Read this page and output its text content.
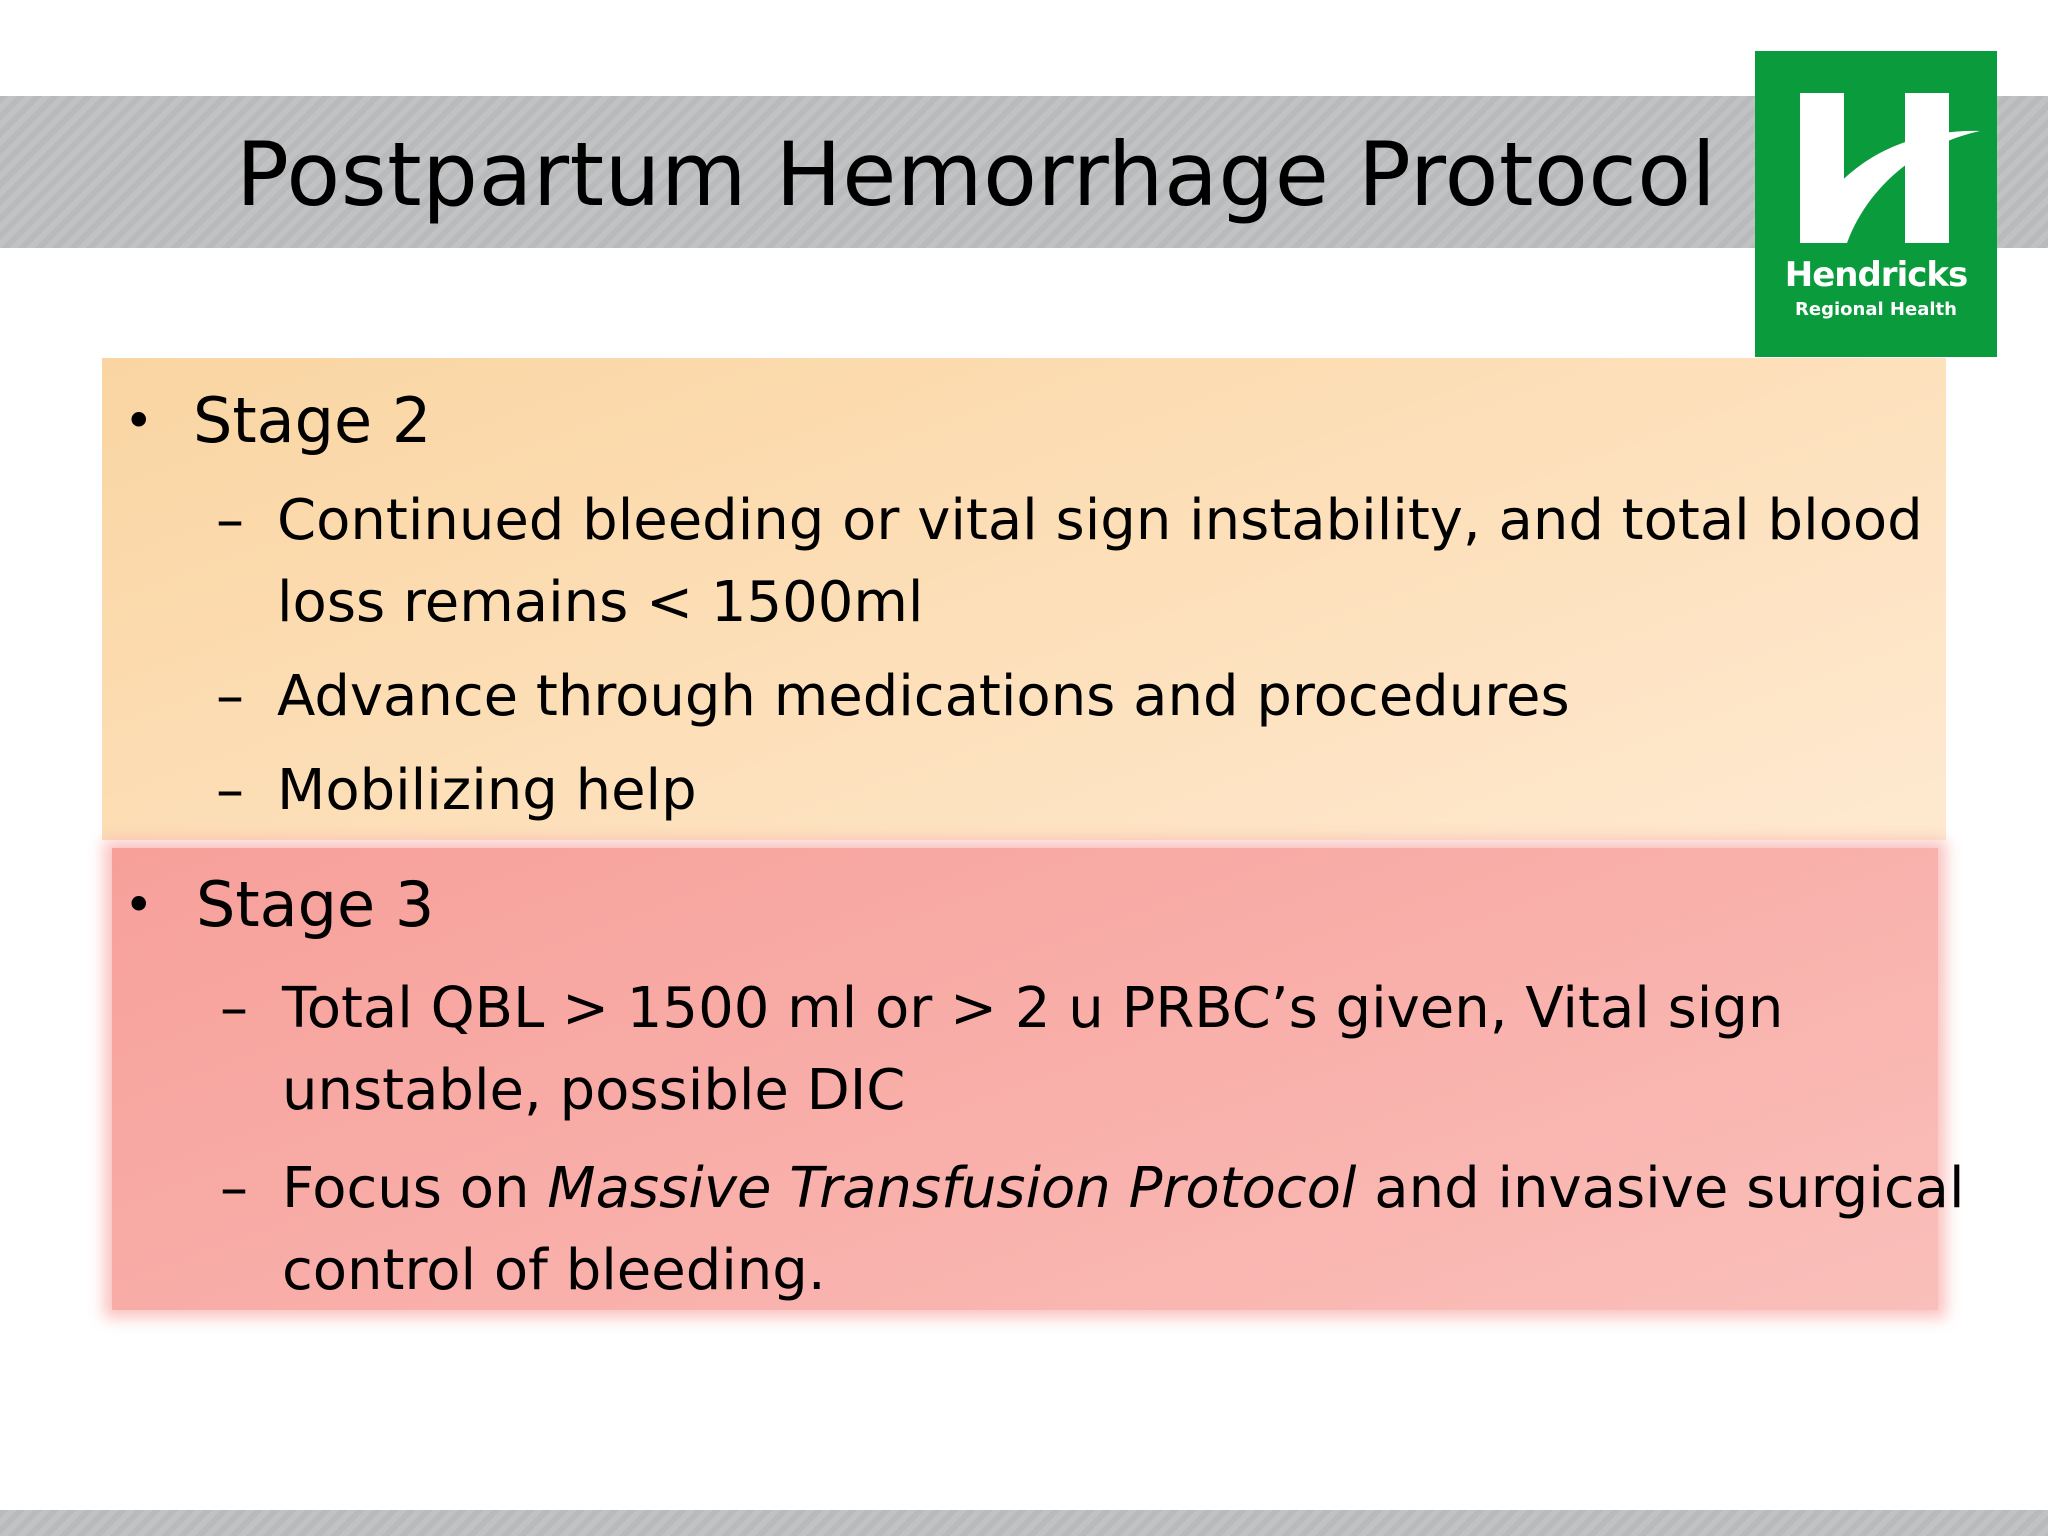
Postpartum Hemorrhage Protocol
Hendricks
Regional Health
• Stage 2
– Continued bleeding or vital sign instability, and total blood

loss remains < 1500ml

– Advance through medications and procedures

– Mobilizing help

• Stage 3
– Total QBL > 1500 ml or > 2 u PRBC’s given, Vital sign

unstable, possible DIC

– Focus on Massive Transfusion Protocol and invasive surgical

control of bleeding.
